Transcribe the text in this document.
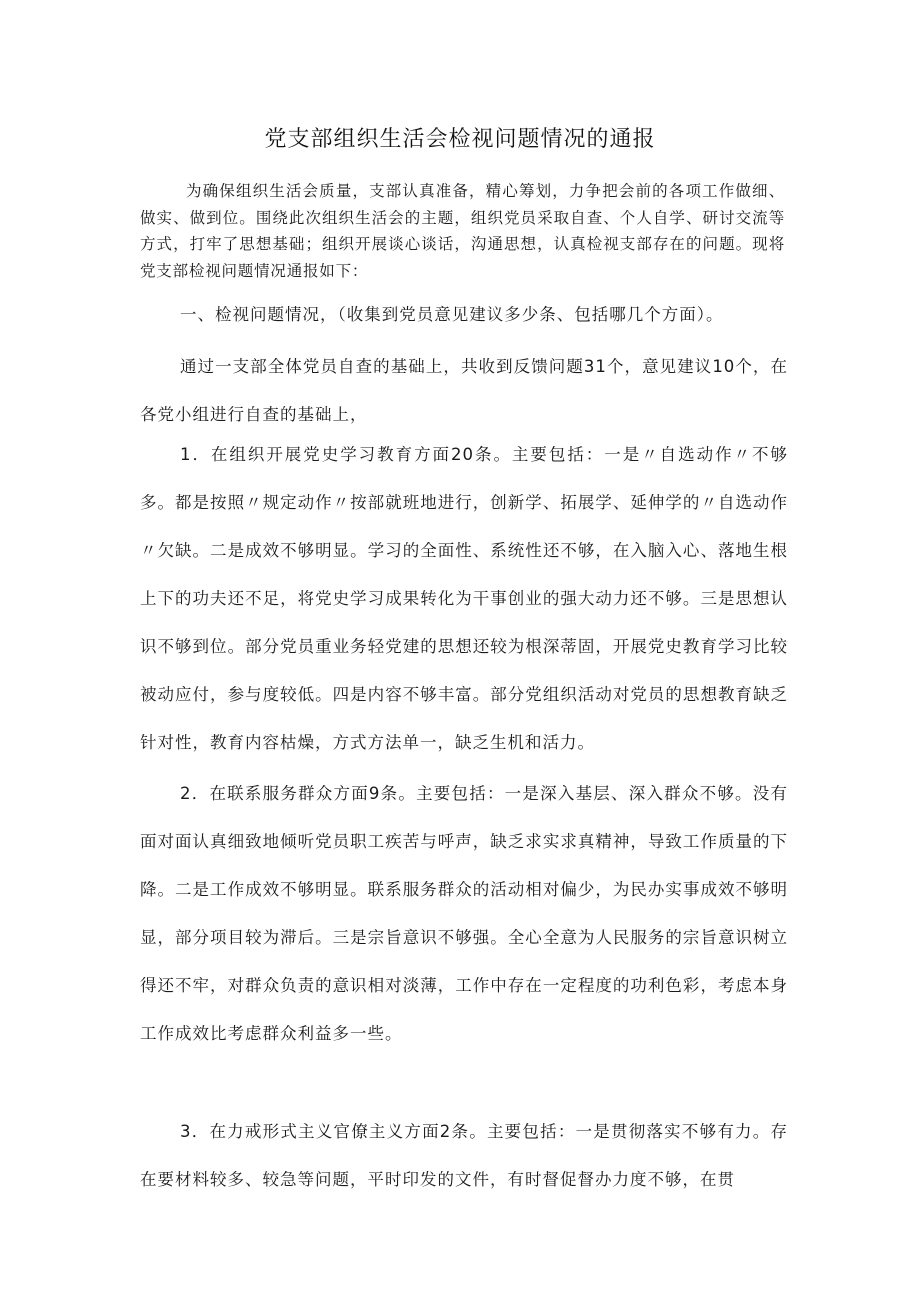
党支部组织生活会检视问题情况的通报

为确保组织生活会质量，支部认真准备，精心筹划，力争把会前的各项工作做细、做实、做到位。围绕此次组织生活会的主题，组织党员采取自查、个人自学、研讨交流等方式，打牢了思想基础；组织开展谈心谈话，沟通思想，认真检视支部存在的问题。现将党支部检视问题情况通报如下：

一、检视问题情况，（收集到党员意见建议多少条、包括哪几个方面）。

通过一支部全体党员自查的基础上，共收到反馈问题31个，意见建议10个，在各党小组进行自查的基础上，

1．在组织开展党史学习教育方面20条。主要包括：一是〃自选动作〃不够多。都是按照〃规定动作〃按部就班地进行，创新学、拓展学、延伸学的〃自选动作〃欠缺。二是成效不够明显。学习的全面性、系统性还不够，在入脑入心、落地生根上下的功夫还不足，将党史学习成果转化为干事创业的强大动力还不够。三是思想认识不够到位。部分党员重业务轻党建的思想还较为根深蒂固，开展党史教育学习比较被动应付，参与度较低。四是内容不够丰富。部分党组织活动对党员的思想教育缺乏针对性，教育内容枯燥，方式方法单一，缺乏生机和活力。

2．在联系服务群众方面9条。主要包括：一是深入基层、深入群众不够。没有面对面认真细致地倾听党员职工疾苦与呼声，缺乏求实求真精神，导致工作质量的下降。二是工作成效不够明显。联系服务群众的活动相对偏少，为民办实事成效不够明显，部分项目较为滞后。三是宗旨意识不够强。全心全意为人民服务的宗旨意识树立得还不牢，对群众负责的意识相对淡薄，工作中存在一定程度的功利色彩，考虑本身工作成效比考虑群众利益多一些。

3．在力戒形式主义官僚主义方面2条。主要包括：一是贯彻落实不够有力。存在要材料较多、较急等问题，平时印发的文件，有时督促督办力度不够，在贯
